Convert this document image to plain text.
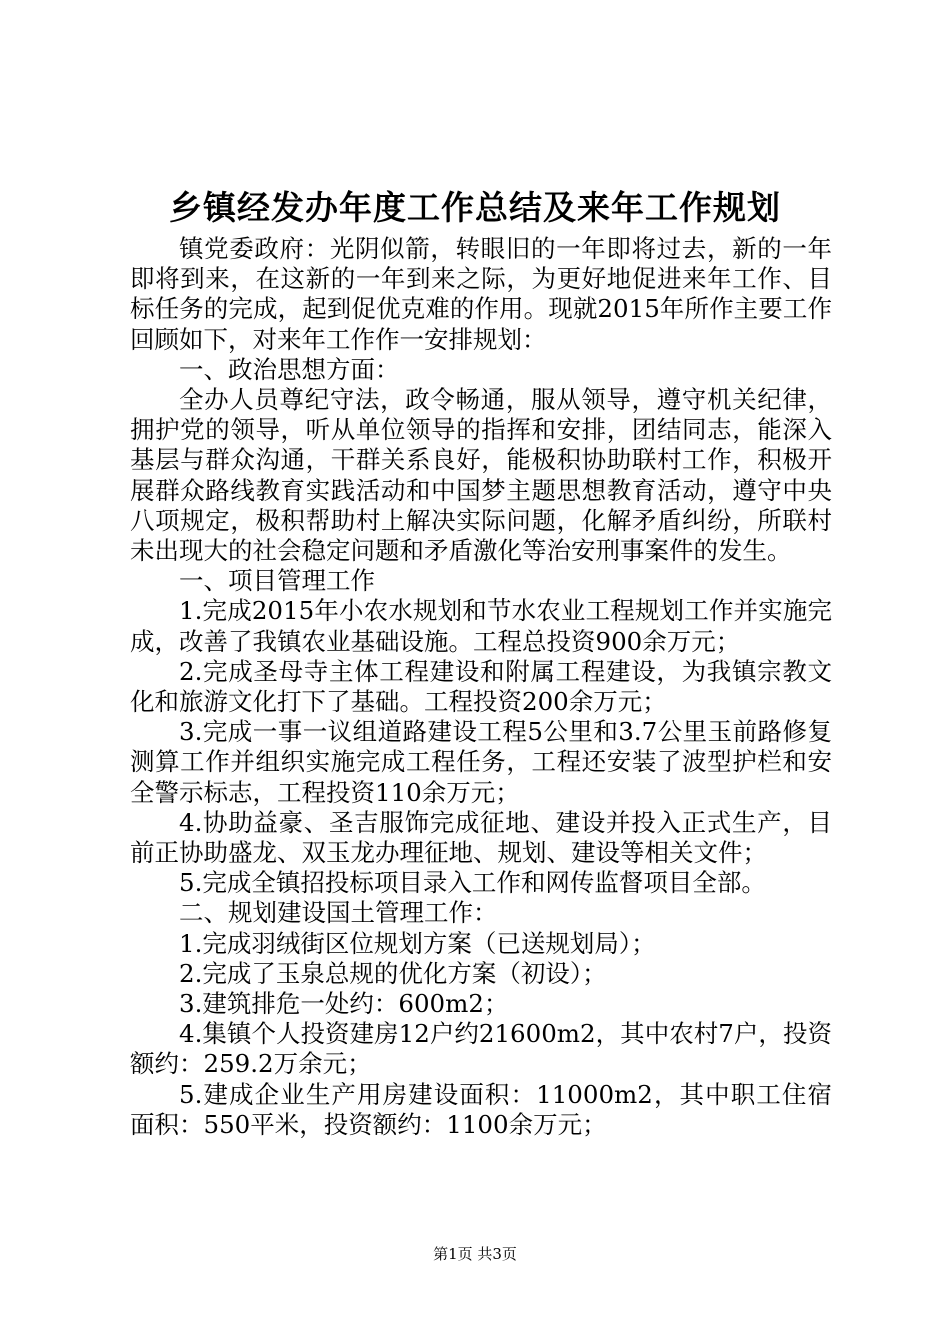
乡镇经发办年度工作总结及来年工作规划

镇党委政府：光阴似箭，转眼旧的一年即将过去，新的一年即将到来，在这新的一年到来之际，为更好地促进来年工作、目标任务的完成，起到促优克难的作用。现就2015年所作主要工作回顾如下，对来年工作作一安排规划：

一、政治思想方面：

全办人员尊纪守法，政令畅通，服从领导，遵守机关纪律，拥护党的领导，听从单位领导的指挥和安排，团结同志，能深入基层与群众沟通，干群关系良好，能极积协助联村工作，积极开展群众路线教育实践活动和中国梦主题思想教育活动，遵守中央八项规定，极积帮助村上解决实际问题，化解矛盾纠纷，所联村未出现大的社会稳定问题和矛盾激化等治安刑事案件的发生。

一、项目管理工作

1.完成2015年小农水规划和节水农业工程规划工作并实施完成，改善了我镇农业基础设施。工程总投资900余万元；

2.完成圣母寺主体工程建设和附属工程建设，为我镇宗教文化和旅游文化打下了基础。工程投资200余万元；

3.完成一事一议组道路建设工程5公里和3.7公里玉前路修复测算工作并组织实施完成工程任务，工程还安装了波型护栏和安全警示标志，工程投资110余万元；

4.协助益豪、圣吉服饰完成征地、建设并投入正式生产，目前正协助盛龙、双玉龙办理征地、规划、建设等相关文件；

5.完成全镇招投标项目录入工作和网传监督项目全部。

二、规划建设国土管理工作：

1.完成羽绒街区位规划方案（已送规划局）；

2.完成了玉泉总规的优化方案（初设）；

3.建筑排危一处约：600m2；

4.集镇个人投资建房12户约21600m2，其中农村7户，投资额约：259.2万余元；

5.建成企业生产用房建设面积：11000m2，其中职工住宿面积：550平米，投资额约：1100余万元；

第1页 共3页
